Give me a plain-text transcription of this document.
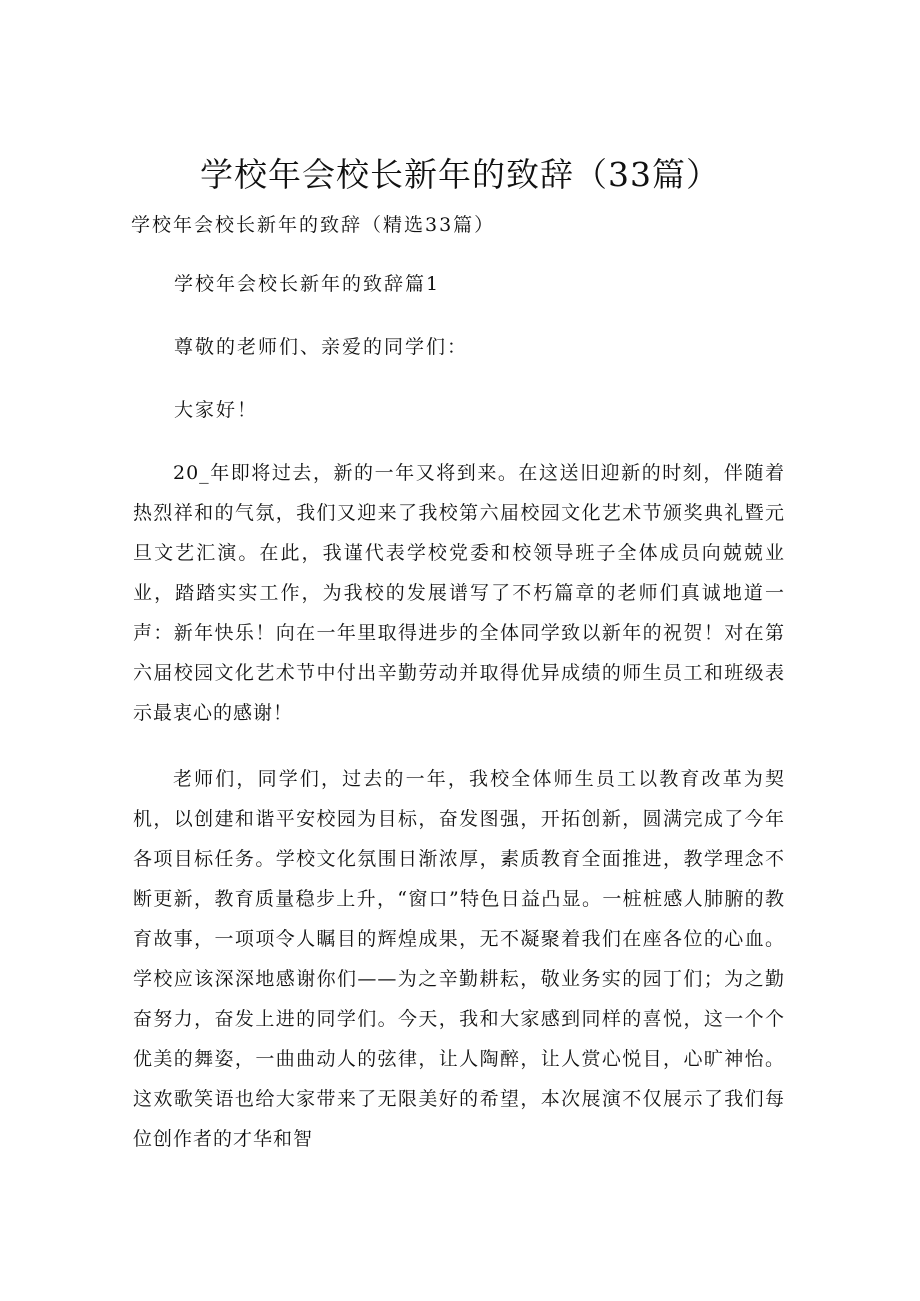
学校年会校长新年的致辞（33篇）
学校年会校长新年的致辞（精选33篇）
学校年会校长新年的致辞篇1
尊敬的老师们、亲爱的同学们：
大家好！
20_年即将过去，新的一年又将到来。在这送旧迎新的时刻，伴随着热烈祥和的气氛，我们又迎来了我校第六届校园文化艺术节颁奖典礼暨元旦文艺汇演。在此，我谨代表学校党委和校领导班子全体成员向兢兢业业，踏踏实实工作，为我校的发展谱写了不朽篇章的老师们真诚地道一声：新年快乐！向在一年里取得进步的全体同学致以新年的祝贺！对在第六届校园文化艺术节中付出辛勤劳动并取得优异成绩的师生员工和班级表示最衷心的感谢！
老师们，同学们，过去的一年，我校全体师生员工以教育改革为契机，以创建和谐平安校园为目标，奋发图强，开拓创新，圆满完成了今年各项目标任务。学校文化氛围日渐浓厚，素质教育全面推进，教学理念不断更新，教育质量稳步上升，“窗口”特色日益凸显。一桩桩感人肺腑的教育故事，一项项令人瞩目的辉煌成果，无不凝聚着我们在座各位的心血。学校应该深深地感谢你们——为之辛勤耕耘，敬业务实的园丁们；为之勤奋努力，奋发上进的同学们。今天，我和大家感到同样的喜悦，这一个个优美的舞姿，一曲曲动人的弦律，让人陶醉，让人赏心悦目，心旷神怡。这欢歌笑语也给大家带来了无限美好的希望，本次展演不仅展示了我们每位创作者的才华和智
